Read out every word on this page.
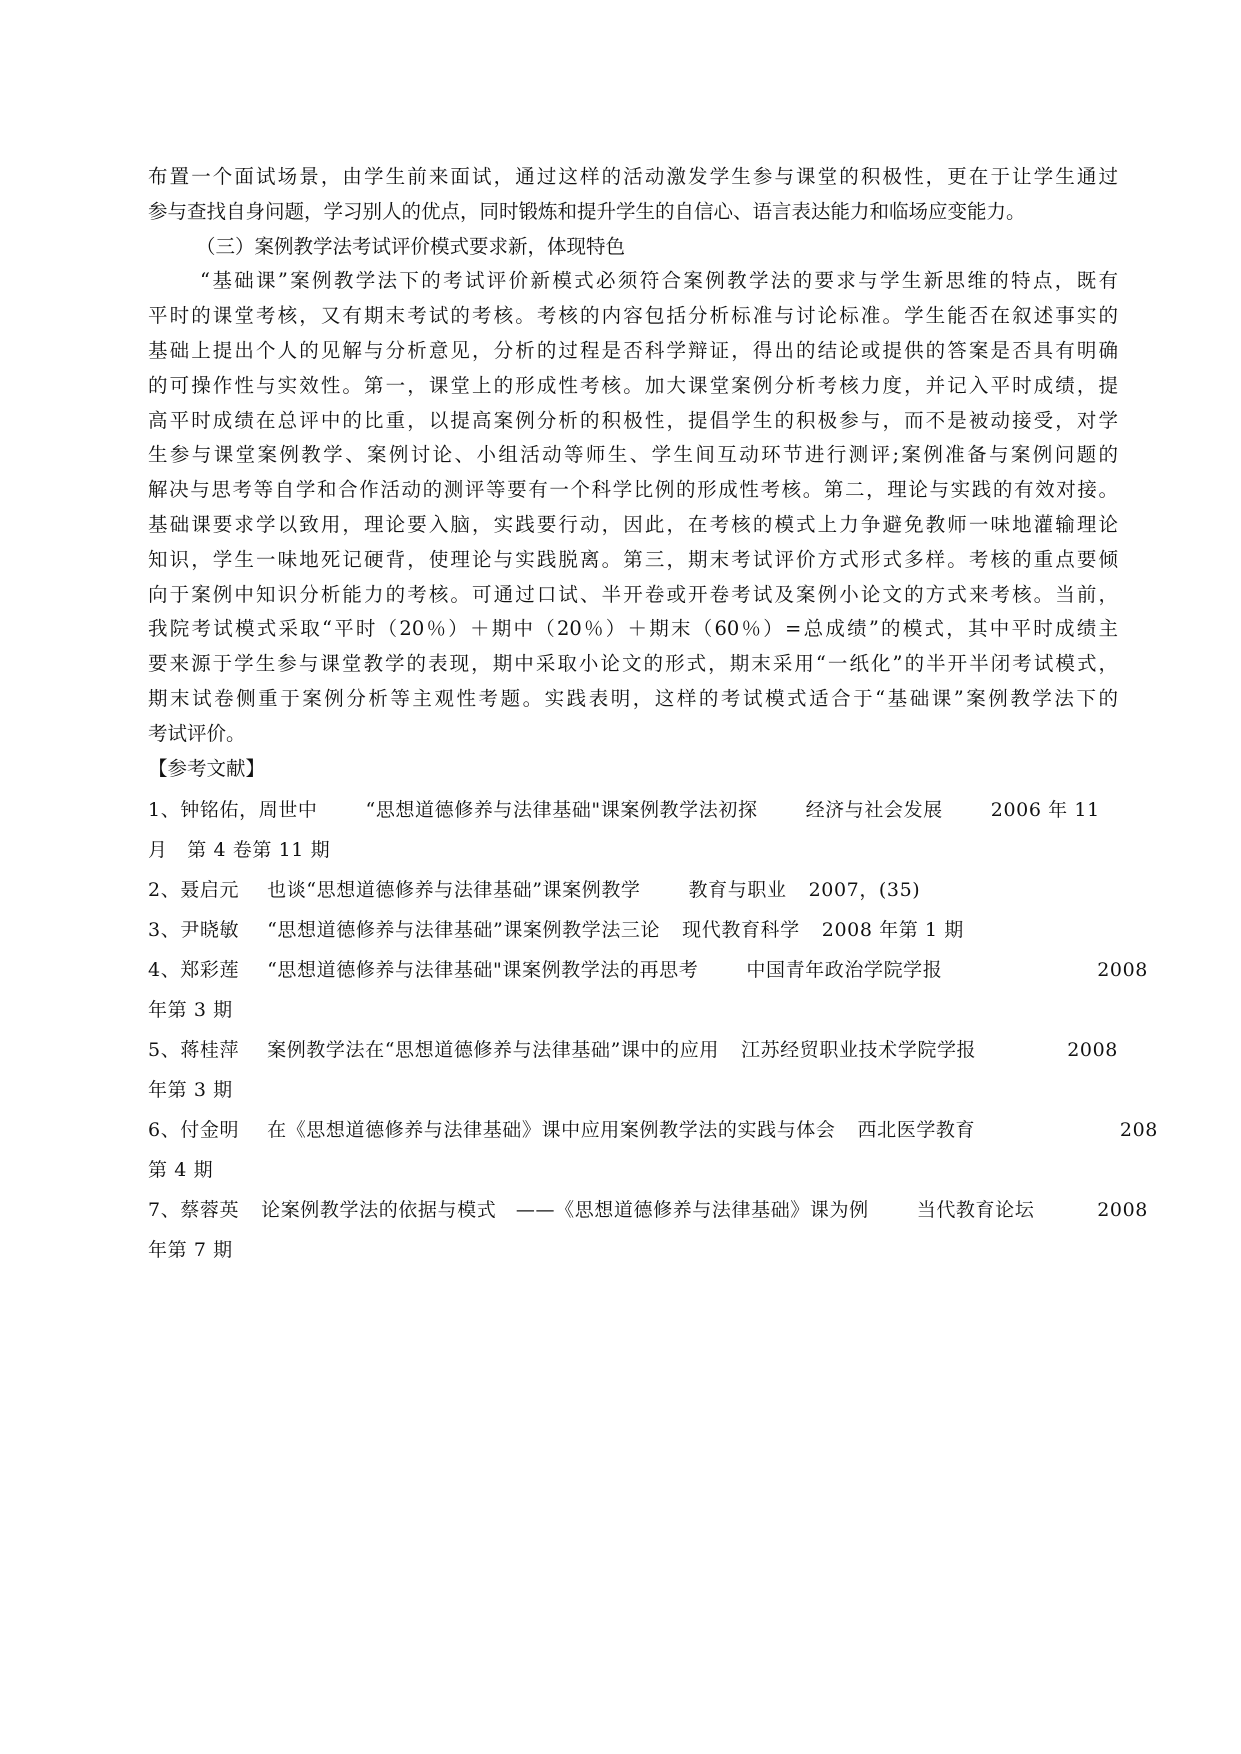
布置一个面试场景，由学生前来面试，通过这样的活动激发学生参与课堂的积极性，更在于让学生通过
参与查找自身问题，学习别人的优点，同时锻炼和提升学生的自信心、语言表达能力和临场应变能力。
（三）案例教学法考试评价模式要求新，体现特色
“基础课”案例教学法下的考试评价新模式必须符合案例教学法的要求与学生新思维的特点，既有
平时的课堂考核，又有期末考试的考核。考核的内容包括分析标准与讨论标准。学生能否在叙述事实的
基础上提出个人的见解与分析意见，分析的过程是否科学辩证，得出的结论或提供的答案是否具有明确
的可操作性与实效性。第一，课堂上的形成性考核。加大课堂案例分析考核力度，并记入平时成绩，提
高平时成绩在总评中的比重，以提高案例分析的积极性，提倡学生的积极参与，而不是被动接受，对学
生参与课堂案例教学、案例讨论、小组活动等师生、学生间互动环节进行测评;案例准备与案例问题的
解决与思考等自学和合作活动的测评等要有一个科学比例的形成性考核。第二，理论与实践的有效对接。
基础课要求学以致用，理论要入脑，实践要行动，因此，在考核的模式上力争避免教师一味地灌输理论
知识，学生一味地死记硬背，使理论与实践脱离。第三，期末考试评价方式形式多样。考核的重点要倾
向于案例中知识分析能力的考核。可通过口试、半开卷或开卷考试及案例小论文的方式来考核。当前，
我院考试模式采取“平时（20％）＋期中（20％）＋期末（60％）=总成绩”的模式，其中平时成绩主
要来源于学生参与课堂教学的表现，期中采取小论文的形式，期末采用“一纸化”的半开半闭考试模式，
期末试卷侧重于案例分析等主观性考题。实践表明，这样的考试模式适合于“基础课”案例教学法下的
考试评价。
【参考文献】
1、钟铭佑，周世中	“思想道德修养与法律基础"课案例教学法初探	经济与社会发展	2006 年 11
月　第 4 卷第 11 期
2、聂启元 也谈“思想道德修养与法律基础”课案例教学	教育与职业 2007，(35)
3、尹晓敏 “思想道德修养与法律基础”课案例教学法三论 现代教育科学 2008 年第 1 期
4、郑彩莲 “思想道德修养与法律基础"课案例教学法的再思考	中国青年政治学院学报	2008
年第 3 期
5、蒋桂萍 案例教学法在“思想道德修养与法律基础”课中的应用 江苏经贸职业技术学院学报	2008
年第 3 期
6、付金明 在《思想道德修养与法律基础》课中应用案例教学法的实践与体会 西北医学教育	208
第 4 期
7、蔡蓉英 论案例教学法的依据与模式　——《思想道德修养与法律基础》课为例	当代教育论坛	2008
年第 7 期
